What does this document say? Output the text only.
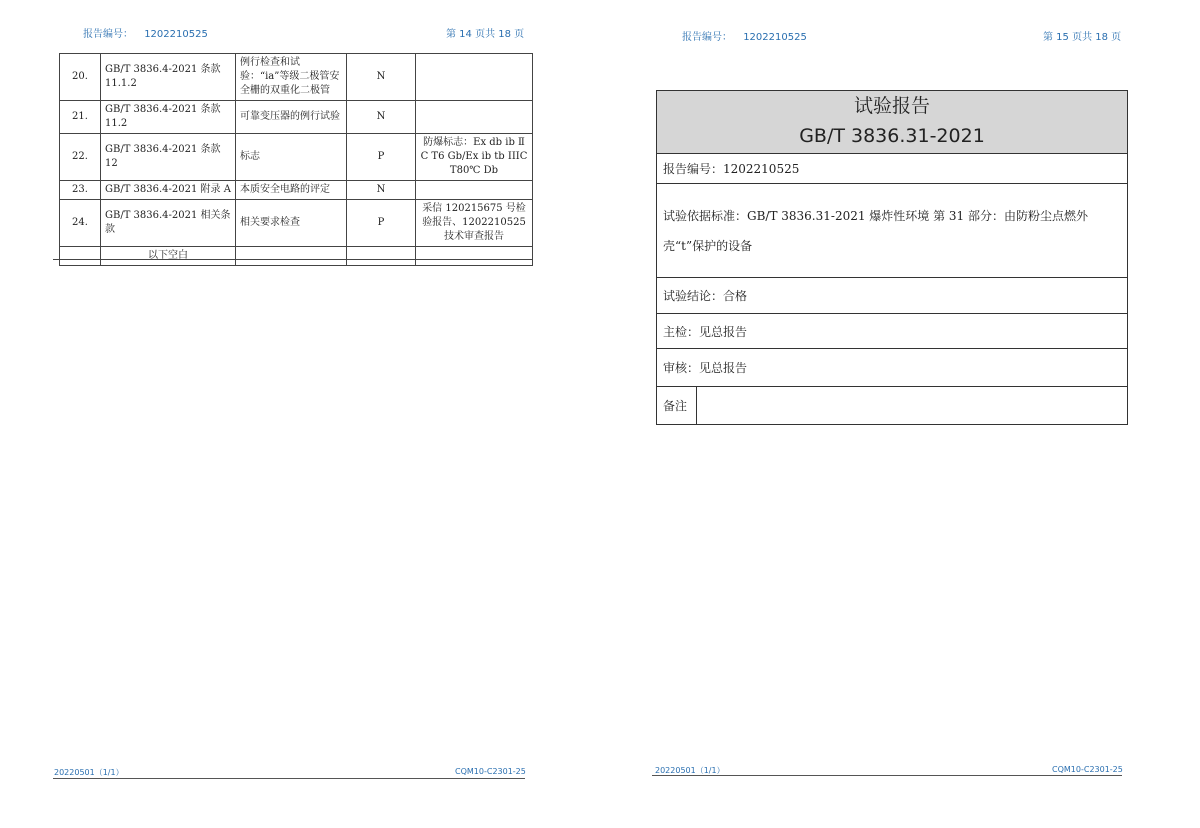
报告编号： 1202210525	第 14 页共 18 页
20.	GB/T 3836.4-2021 条款 11.1.2	例行检查和试验：“ia”等级二极管安全栅的双重化二极管	N	
21.	GB/T 3836.4-2021 条款 11.2	可靠变压器的例行试验	N	
22.	GB/T 3836.4-2021 条款 12	标志	P	防爆标志：Ex db ib Ⅱ C T6 Gb/Ex ib tb IIIC T80℃ Db
23.	GB/T 3836.4-2021 附录 A	本质安全电路的评定	N	
24.	GB/T 3836.4-2021 相关条款	相关要求检查	P	采信 120215675 号检验报告、1202210525 技术审查报告
	以下空白			
20220501（1/1）	CQM10-C2301-25
报告编号： 1202210525	第 15 页共 18 页
试验报告
GB/T 3836.31-2021
报告编号：1202210525
试验依据标准：GB/T 3836.31-2021 爆炸性环境 第 31 部分：由防粉尘点燃外壳“t”保护的设备
试验结论：合格
主检：见总报告
审核：见总报告
备注
20220501（1/1）	CQM10-C2301-25
